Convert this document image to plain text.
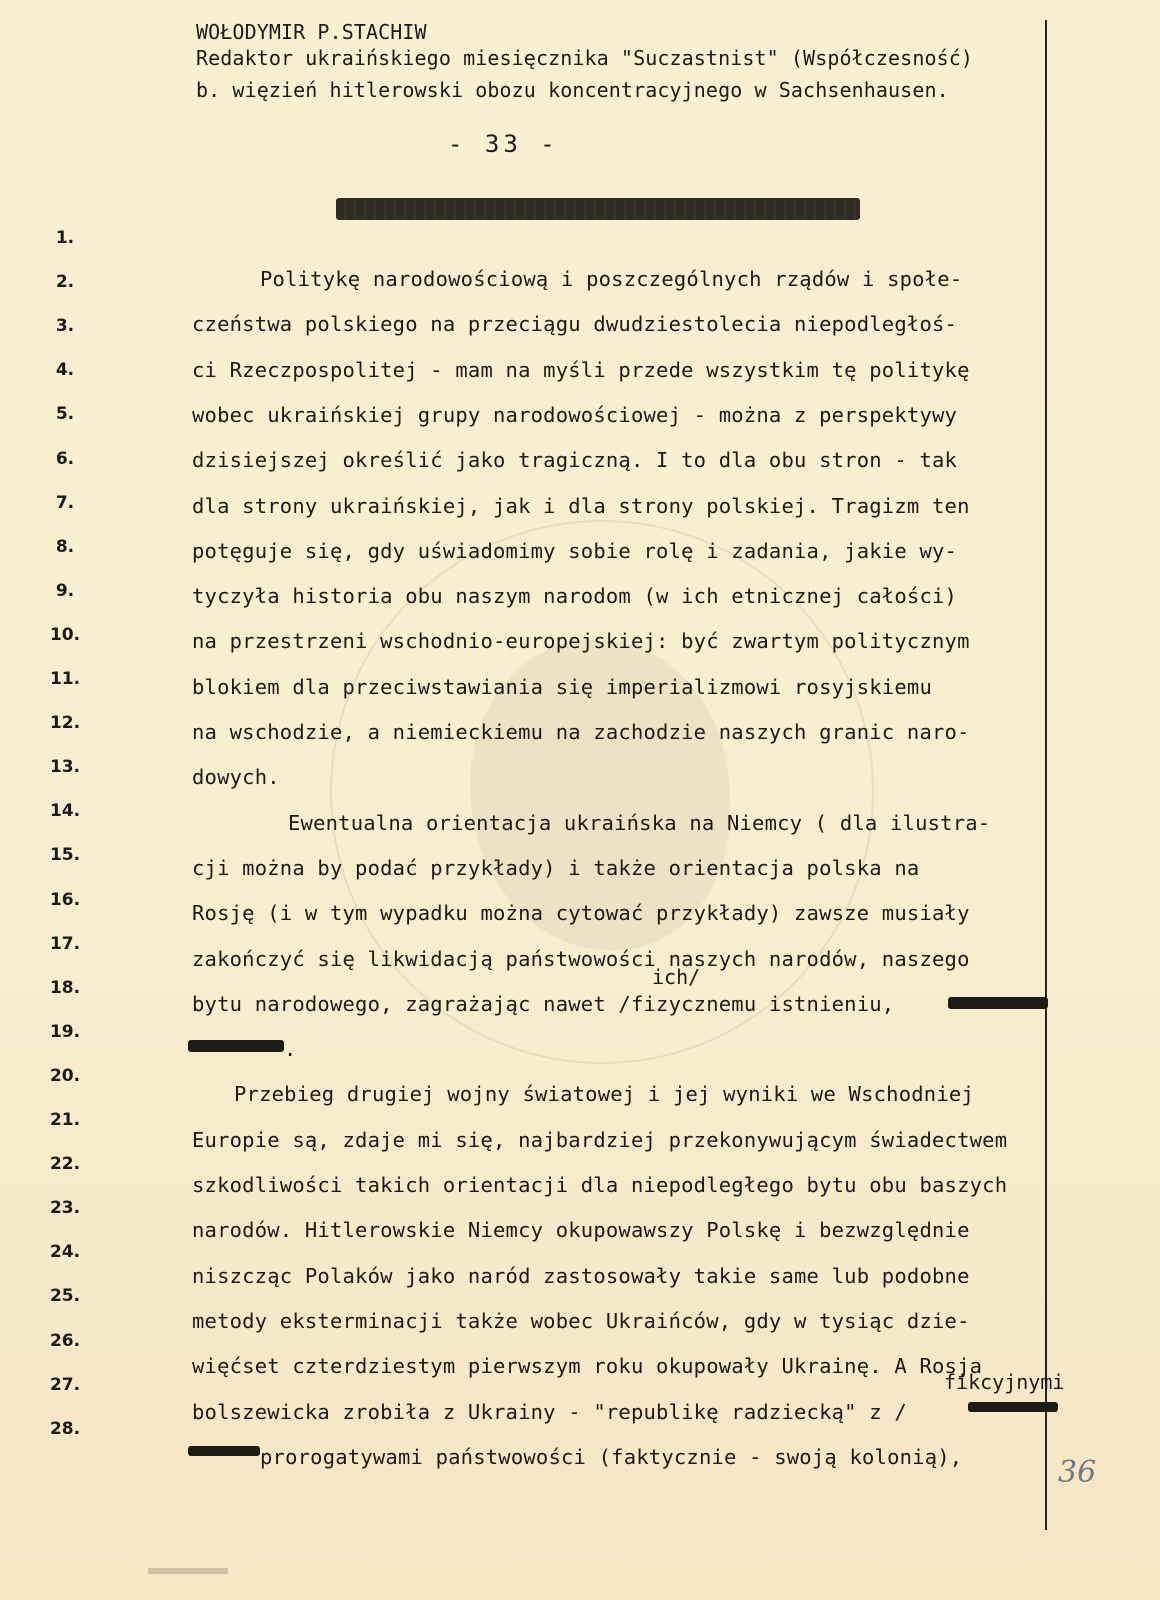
WOŁODYMIR P.STACHIW
Redaktor ukraińskiego miesięcznika "Suczastnist" (Współczesność)
b. więzień hitlerowski obozu koncentracyjnego w Sachsenhausen.
- 33 -
1.
2.
3.
4.
5.
6.
7.
8.
9.
10.
11.
12.
13.
14.
15.
16.
17.
18.
19.
20.
21.
22.
23.
24.
25.
26.
27.
28.
Politykę narodowościową i poszczególnych rządów i społe-
czeństwa polskiego na przeciągu dwudziestolecia niepodległoś-
ci Rzeczpospolitej - mam na myśli przede wszystkim tę politykę
wobec ukraińskiej grupy narodowościowej - można z perspektywy
dzisiejszej określić jako tragiczną. I to dla obu stron - tak
dla strony ukraińskiej, jak i dla strony polskiej. Tragizm ten
potęguje się, gdy uświadomimy sobie rolę i zadania, jakie wy-
tyczyła historia obu naszym narodom (w ich etnicznej całości)
na przestrzeni wschodnio-europejskiej: być zwartym politycznym
blokiem dla przeciwstawiania się imperializmowi rosyjskiemu
na wschodzie, a niemieckiemu na zachodzie naszych granic naro-
dowych.
Ewentualna orientacja ukraińska na Niemcy ( dla ilustra-
cji można by podać przykłady) i także orientacja polska na
Rosję (i w tym wypadku można cytować przykłady) zawsze musiały
zakończyć się likwidacją państwowości naszych narodów, naszego
bytu narodowego, zagrażając nawet /fizycznemu istnieniu,
.
Przebieg drugiej wojny światowej i jej wyniki we Wschodniej
Europie są, zdaje mi się, najbardziej przekonywującym świadectwem
szkodliwości takich orientacji dla niepodległego bytu obu baszych
narodów. Hitlerowskie Niemcy okupowawszy Polskę i bezwzględnie
niszcząc Polaków jako naród zastosowały takie same lub podobne
metody eksterminacji także wobec Ukraińców, gdy w tysiąc dzie-
więćset czterdziestym pierwszym roku okupowały Ukrainę. A Rosja
bolszewicka zrobiła z Ukrainy - "republikę radziecką" z /
prorogatywami państwowości (faktycznie - swoją kolonią),
ich/
fikcyjnymi
36
